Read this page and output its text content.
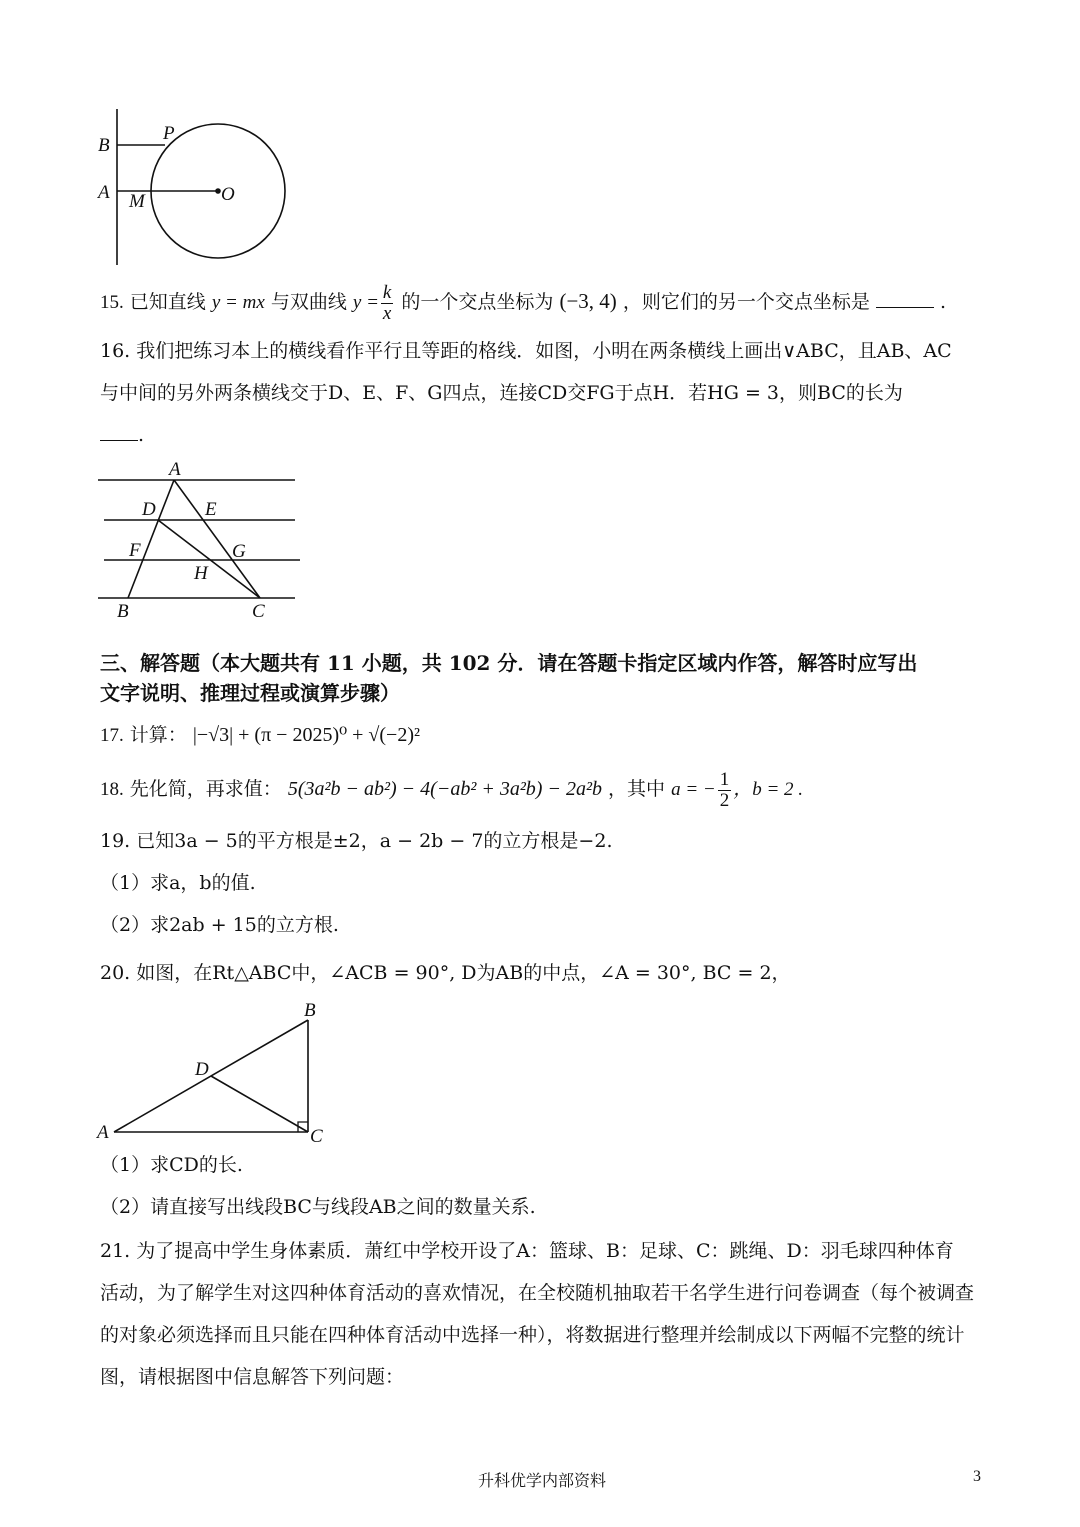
B
P
A M	O
15. 已知直线 y = mx 与双曲线 $y = \frac{k}{x}$ 的一个交点坐标为 (−3, 4) ，则它们的另一个交点坐标是	.
16. 我们把练习本上的横线看作平行且等距的格线．如图，小明在两条横线上画出∨ABC，且AB、AC
与中间的另外两条横线交于D、E、F、G四点，连接CD交FG于点H．若HG = 3，则BC的长为
.
A
D	E
F	G
H
B	C
三、解答题（本大题共有 11 小题，共 102 分．请在答题卡指定区域内作答，解答时应写出
文字说明、推理过程或演算步骤）
17. 计算： |−√3| + (π − 2025)⁰ + √(−2)²
18. 先化简，再求值： 5(3a²b − ab²) − 4(−ab² + 3a²b) − 2a²b ，其中 a = − $\frac{1}{2}$ ，b = 2 .
19. 已知3a − 5的平方根是±2，a − 2b − 7的立方根是−2.
（1）求a，b的值.
（2）求2ab + 15的立方根.
20. 如图，在Rt△ABC中，∠ACB = 90°, D为AB的中点，∠A = 30°, BC = 2，
B
D
A	C
（1）求CD的长.
（2）请直接写出线段BC与线段AB之间的数量关系.
21. 为了提高中学生身体素质．萧红中学校开设了A：篮球、B：足球、C：跳绳、D：羽毛球四种体育
活动，为了解学生对这四种体育活动的喜欢情况，在全校随机抽取若干名学生进行问卷调查（每个被调查
的对象必须选择而且只能在四种体育活动中选择一种），将数据进行整理并绘制成以下两幅不完整的统计
图，请根据图中信息解答下列问题：
升科优学内部资料	3
